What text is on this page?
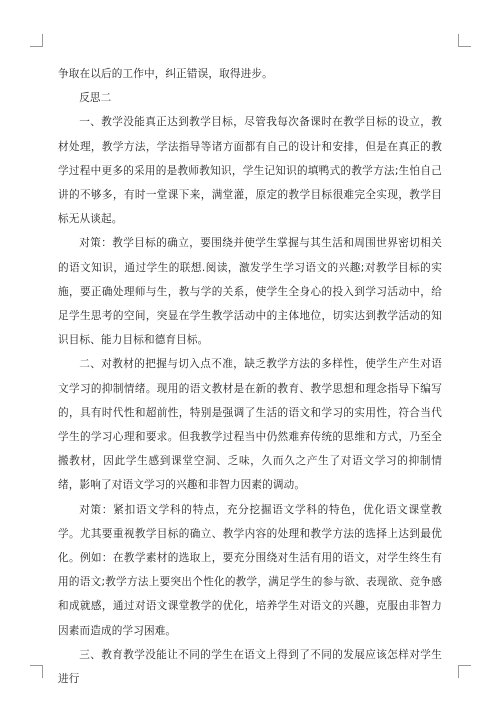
争取在以后的工作中，纠正错误，取得进步。

反思二

一、教学没能真正达到教学目标，尽管我每次备课时在教学目标的设立，教材处理，教学方法，学法指导等诸方面都有自己的设计和安排，但是在真正的教学过程中更多的采用的是教师教知识，学生记知识的填鸭式的教学方法;生怕自己讲的不够多，有时一堂课下来，满堂灌，原定的教学目标很难完全实现，教学目标无从谈起。

对策：教学目标的确立，要围绕并使学生掌握与其生活和周围世界密切相关的语文知识，通过学生的联想.阅读，激发学生学习语文的兴趣;对教学目标的实施，要正确处理师与生，教与学的关系，使学生全身心的投入到学习活动中，给足学生思考的空间，突显在学生教学活动中的主体地位，切实达到教学活动的知识目标、能力目标和德育目标。

二、对教材的把握与切入点不准，缺乏教学方法的多样性，使学生产生对语文学习的抑制情绪。现用的语文教材是在新的教育、教学思想和理念指导下编写的，具有时代性和超前性，特别是强调了生活的语文和学习的实用性，符合当代学生的学习心理和要求。但我教学过程当中仍然难弃传统的思维和方式，乃至全搬教材，因此学生感到课堂空洞、乏味，久而久之产生了对语文学习的抑制情绪，影响了对语文学习的兴趣和非智力因素的调动。

对策：紧扣语文学科的特点，充分挖掘语文学科的特色，优化语文课堂教学。尤其要重视教学目标的确立、教学内容的处理和教学方法的选择上达到最优化。例如：在教学素材的选取上，要充分围绕对生活有用的语文，对学生终生有用的语文;教学方法上要突出个性化的教学，满足学生的参与欲、表现欲、竞争感和成就感，通过对语文课堂教学的优化，培养学生对语文的兴趣，克服由非智力因素而造成的学习困难。

三、教育教学没能让不同的学生在语文上得到了不同的发展应该怎样对学生进行
